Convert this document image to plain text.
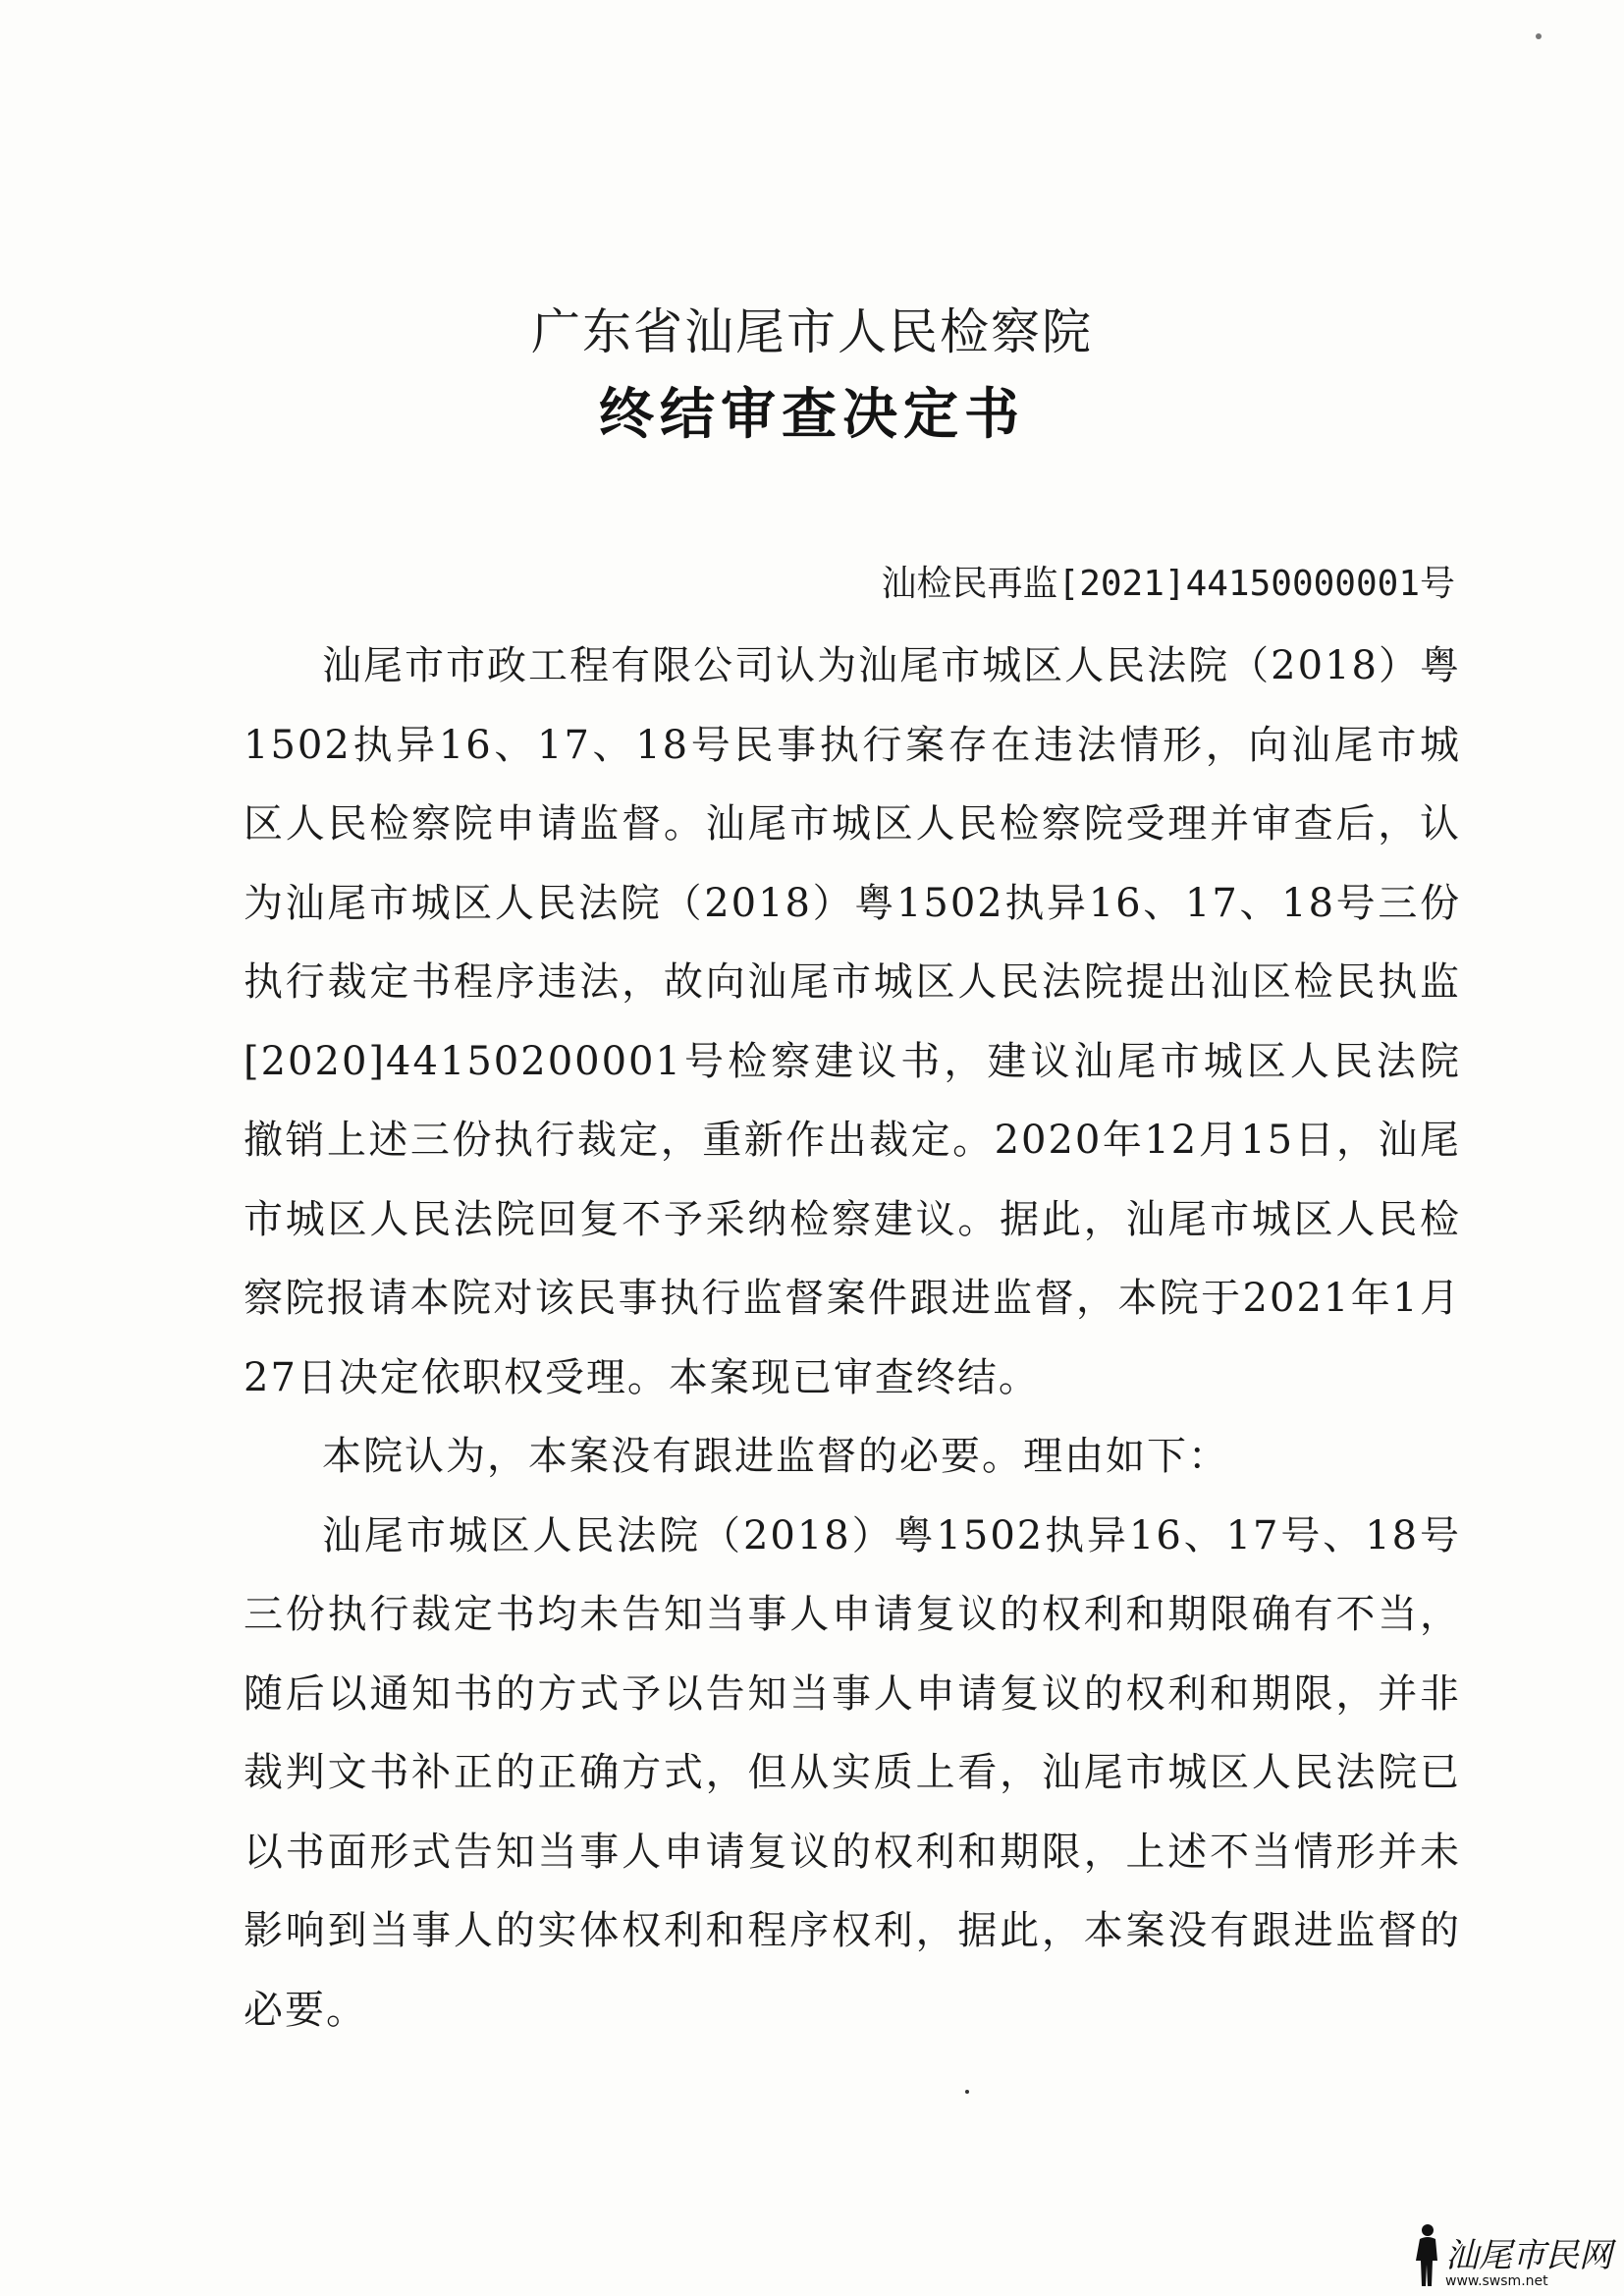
广东省汕尾市人民检察院
终结审查决定书
汕检民再监[2021]44150000001号

汕尾市市政工程有限公司认为汕尾市城区人民法院（2018）粤1502执异16、17、18号民事执行案存在违法情形，向汕尾市城区人民检察院申请监督。汕尾市城区人民检察院受理并审查后，认为汕尾市城区人民法院（2018）粤1502执异16、17、18号三份执行裁定书程序违法，故向汕尾市城区人民法院提出汕区检民执监[2020]44150200001号检察建议书，建议汕尾市城区人民法院撤销上述三份执行裁定，重新作出裁定。2020年12月15日，汕尾市城区人民法院回复不予采纳检察建议。据此，汕尾市城区人民检察院报请本院对该民事执行监督案件跟进监督，本院于2021年1月27日决定依职权受理。本案现已审查终结。

本院认为，本案没有跟进监督的必要。理由如下：

汕尾市城区人民法院（2018）粤1502执异16、17号、18号三份执行裁定书均未告知当事人申请复议的权利和期限确有不当，随后以通知书的方式予以告知当事人申请复议的权利和期限，并非裁判文书补正的正确方式，但从实质上看，汕尾市城区人民法院已以书面形式告知当事人申请复议的权利和期限，上述不当情形并未影响到当事人的实体权利和程序权利，据此，本案没有跟进监督的必要。

汕尾市民网
www.swsm.net
